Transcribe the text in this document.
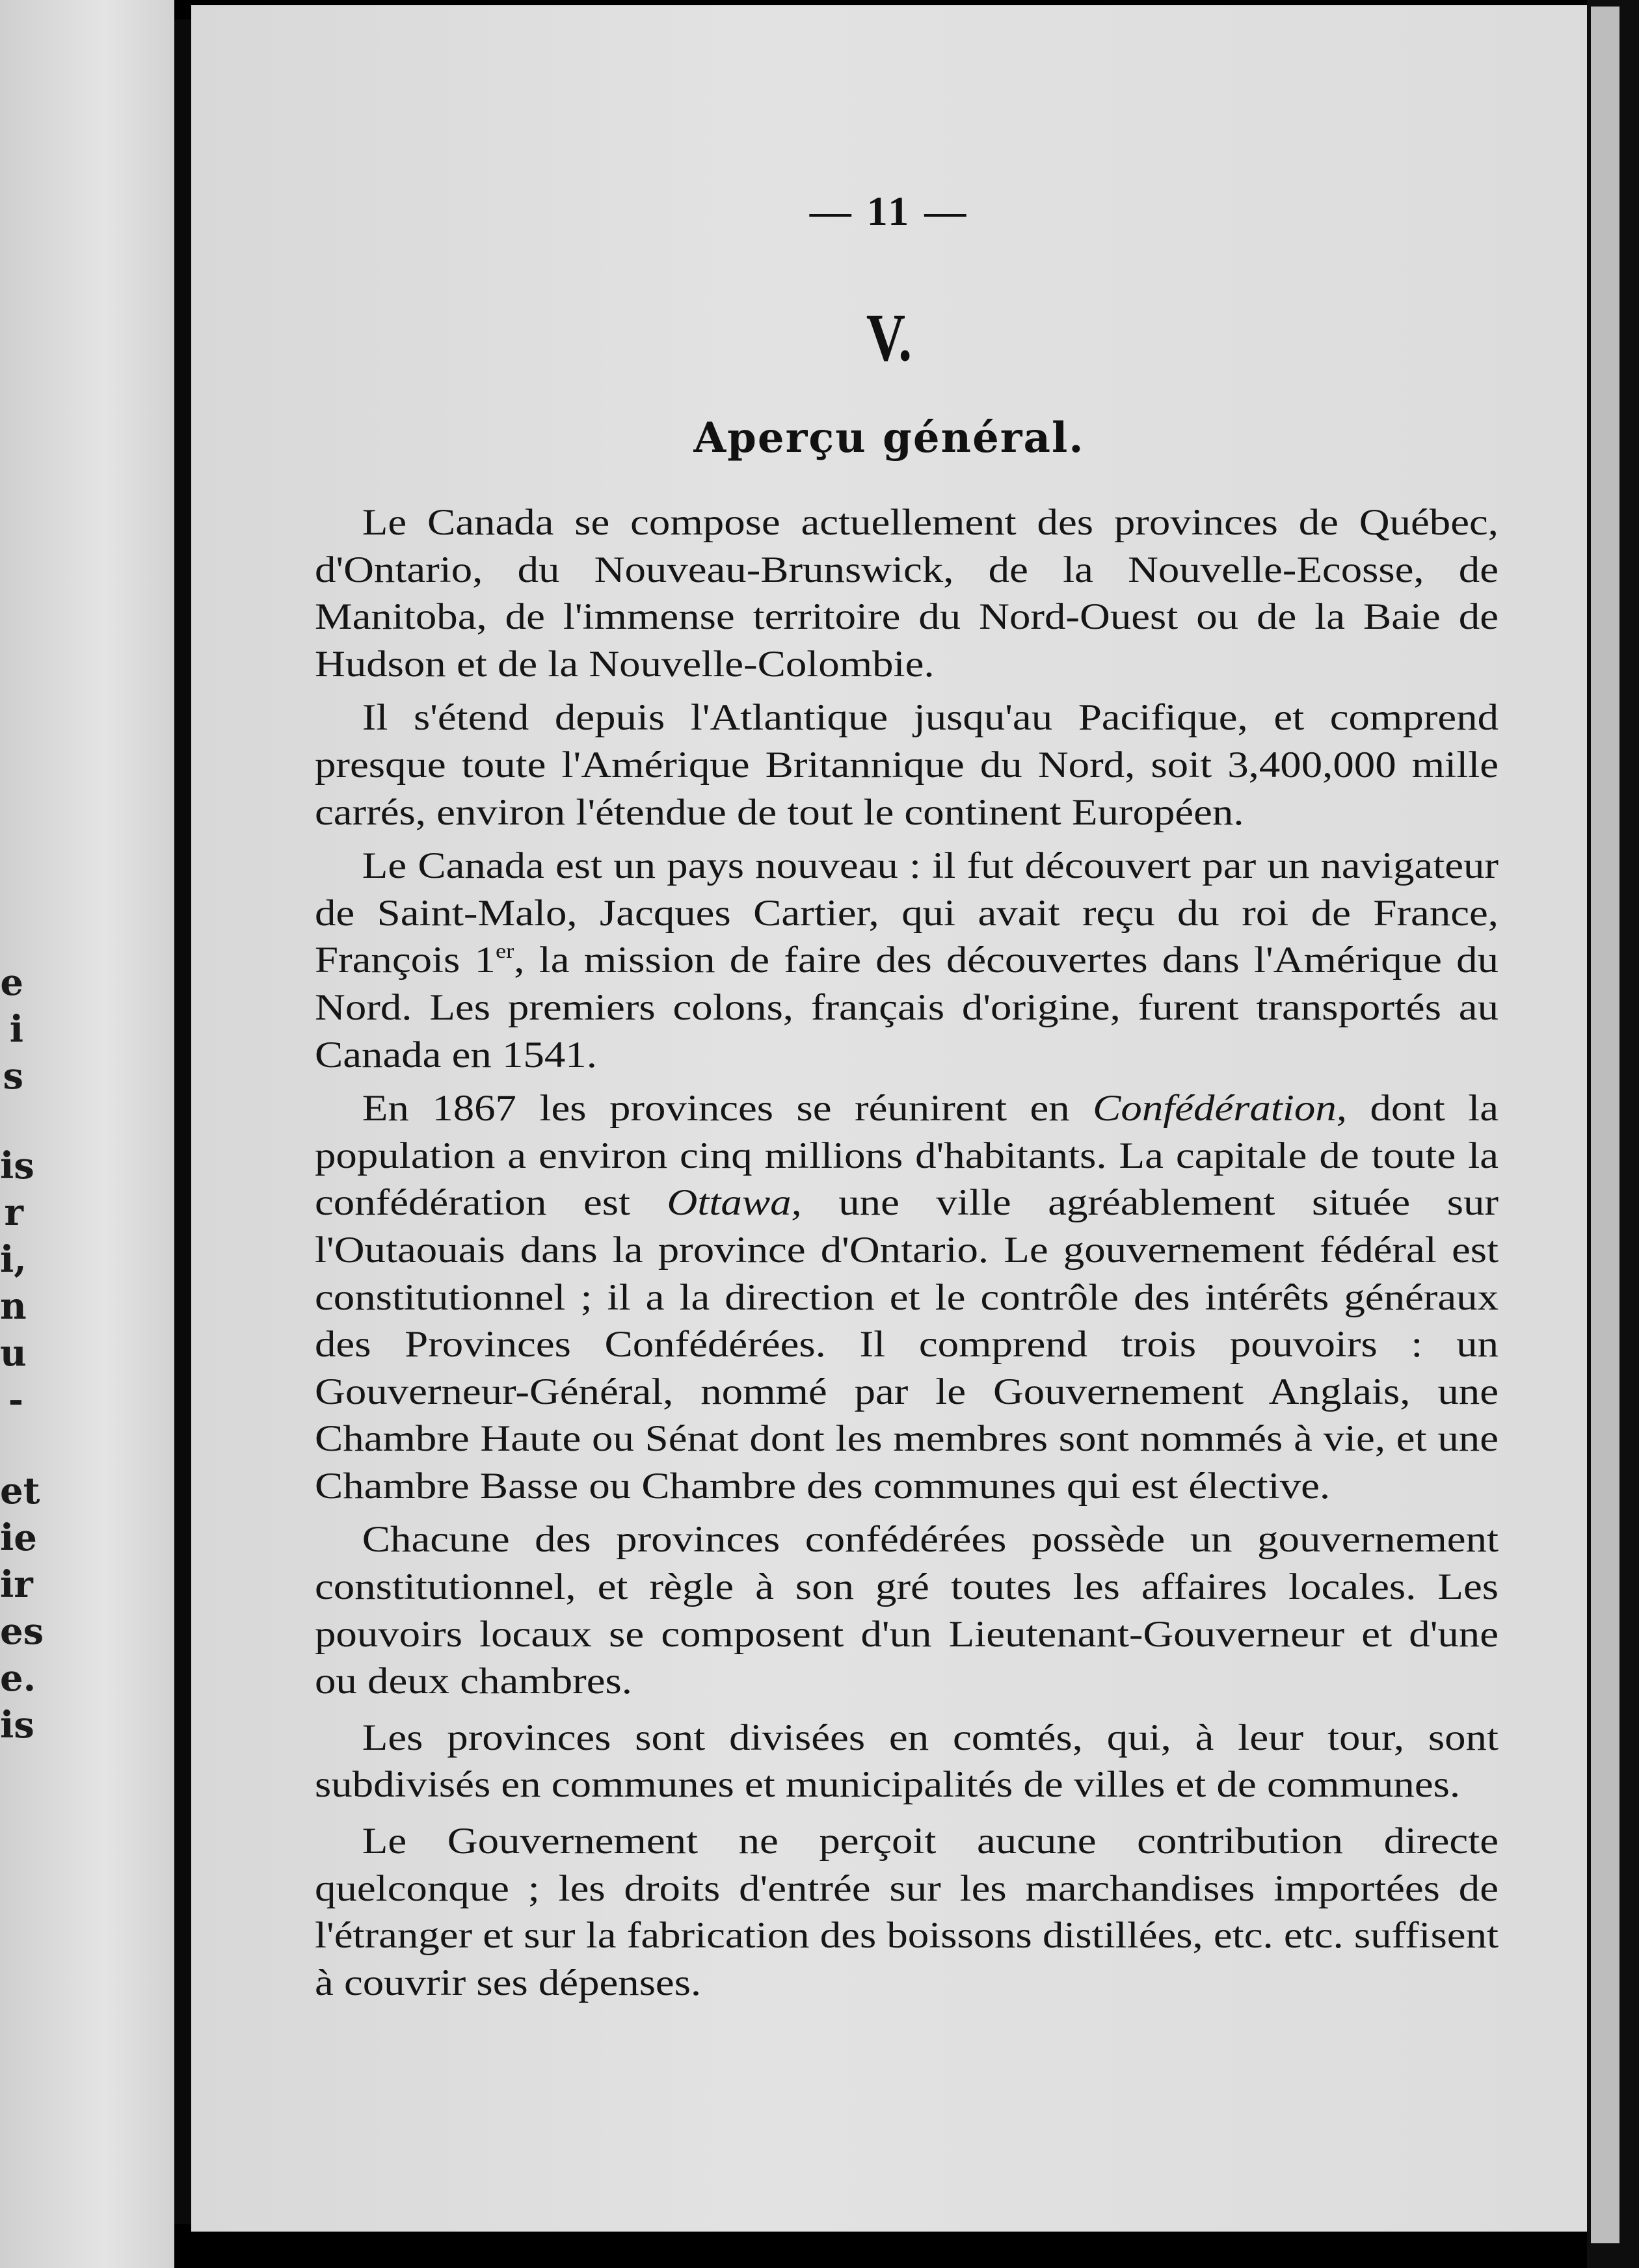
e
i
s
is
r
i,
n
u
-
et
ie
ir
es
e.
is
— 11 —
V.
Aperçu général.

Le Canada se compose actuellement des provinces de Québec, d'Ontario, du Nouveau-Brunswick, de la Nouvelle-Ecosse, de Manitoba, de l'immense territoire du Nord-Ouest ou de la Baie de Hudson et de la Nouvelle-Colombie.

Il s'étend depuis l'Atlantique jusqu'au Pacifique, et comprend presque toute l'Amérique Britannique du Nord, soit 3,400,000 mille carrés, environ l'étendue de tout le continent Européen.

Le Canada est un pays nouveau : il fut découvert par un navigateur de Saint-Malo, Jacques Cartier, qui avait reçu du roi de France, François 1er, la mission de faire des découvertes dans l'Amérique du Nord. Les premiers colons, français d'origine, furent transportés au Canada en 1541.

En 1867 les provinces se réunirent en Confédération, dont la population a environ cinq millions d'habitants. La capitale de toute la confédération est Ottawa, une ville agréablement située sur l'Outaouais dans la province d'Ontario. Le gouvernement fédéral est constitutionnel ; il a la direction et le contrôle des intérêts généraux des Provinces Confédérées. Il comprend trois pouvoirs : un Gouverneur-Général, nommé par le Gouvernement Anglais, une Chambre Haute ou Sénat dont les membres sont nommés à vie, et une Chambre Basse ou Chambre des communes qui est élective.

Chacune des provinces confédérées possède un gouvernement constitutionnel, et règle à son gré toutes les affaires locales. Les pouvoirs locaux se composent d'un Lieutenant-Gouverneur et d'une ou deux chambres.

Les provinces sont divisées en comtés, qui, à leur tour, sont subdivisés en communes et municipalités de villes et de communes.

Le Gouvernement ne perçoit aucune contribution directe quelconque ; les droits d'entrée sur les marchandises importées de l'étranger et sur la fabrication des boissons distillées, etc. etc. suffisent à couvrir ses dépenses.
